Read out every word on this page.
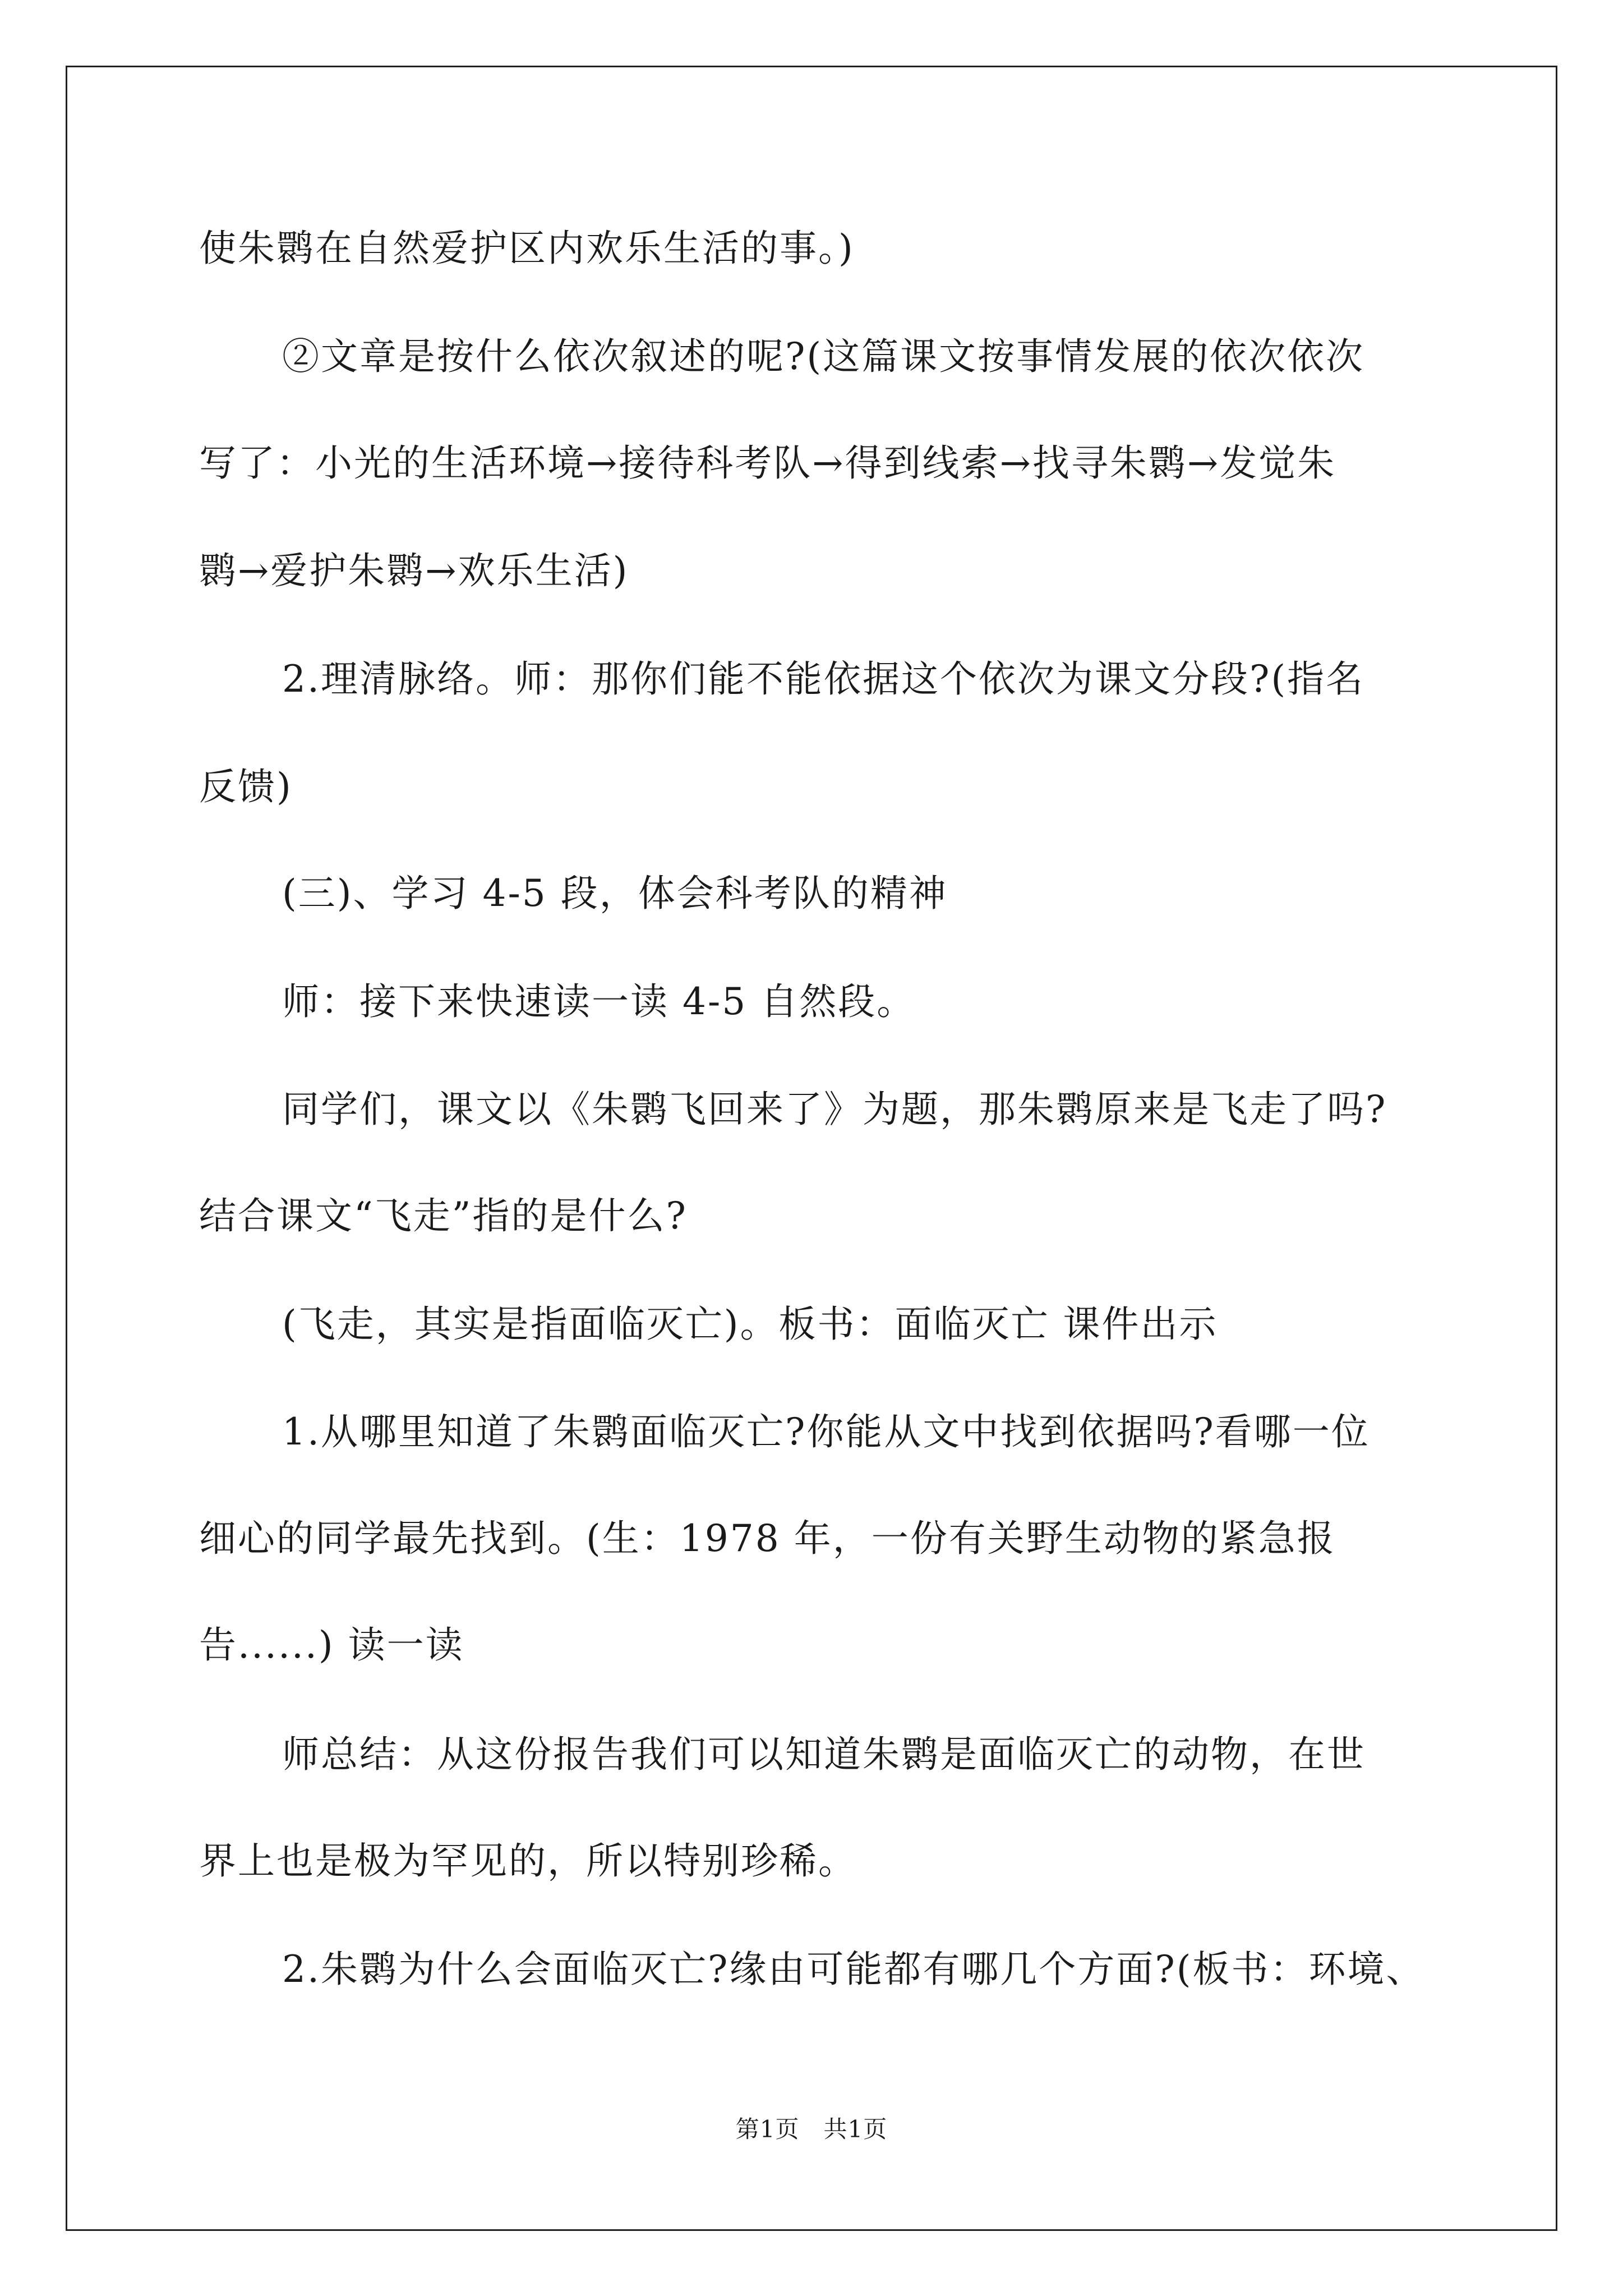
使朱鹮在自然爱护区内欢乐生活的事。)
②文章是按什么依次叙述的呢?(这篇课文按事情发展的依次依次
写了：小光的生活环境→接待科考队→得到线索→找寻朱鹮→发觉朱
鹮→爱护朱鹮→欢乐生活)
2.理清脉络。师：那你们能不能依据这个依次为课文分段?(指名
反馈)
(三)、学习 4-5 段，体会科考队的精神
师：接下来快速读一读 4-5 自然段。
同学们，课文以《朱鹮飞回来了》为题，那朱鹮原来是飞走了吗?
结合课文“飞走”指的是什么?
(飞走，其实是指面临灭亡)。板书：面临灭亡 课件出示
1.从哪里知道了朱鹮面临灭亡?你能从文中找到依据吗?看哪一位
细心的同学最先找到。(生：1978 年，一份有关野生动物的紧急报
告......) 读一读
师总结：从这份报告我们可以知道朱鹮是面临灭亡的动物，在世
界上也是极为罕见的，所以特别珍稀。
2.朱鹮为什么会面临灭亡?缘由可能都有哪几个方面?(板书：环境、
第1页　共1页
